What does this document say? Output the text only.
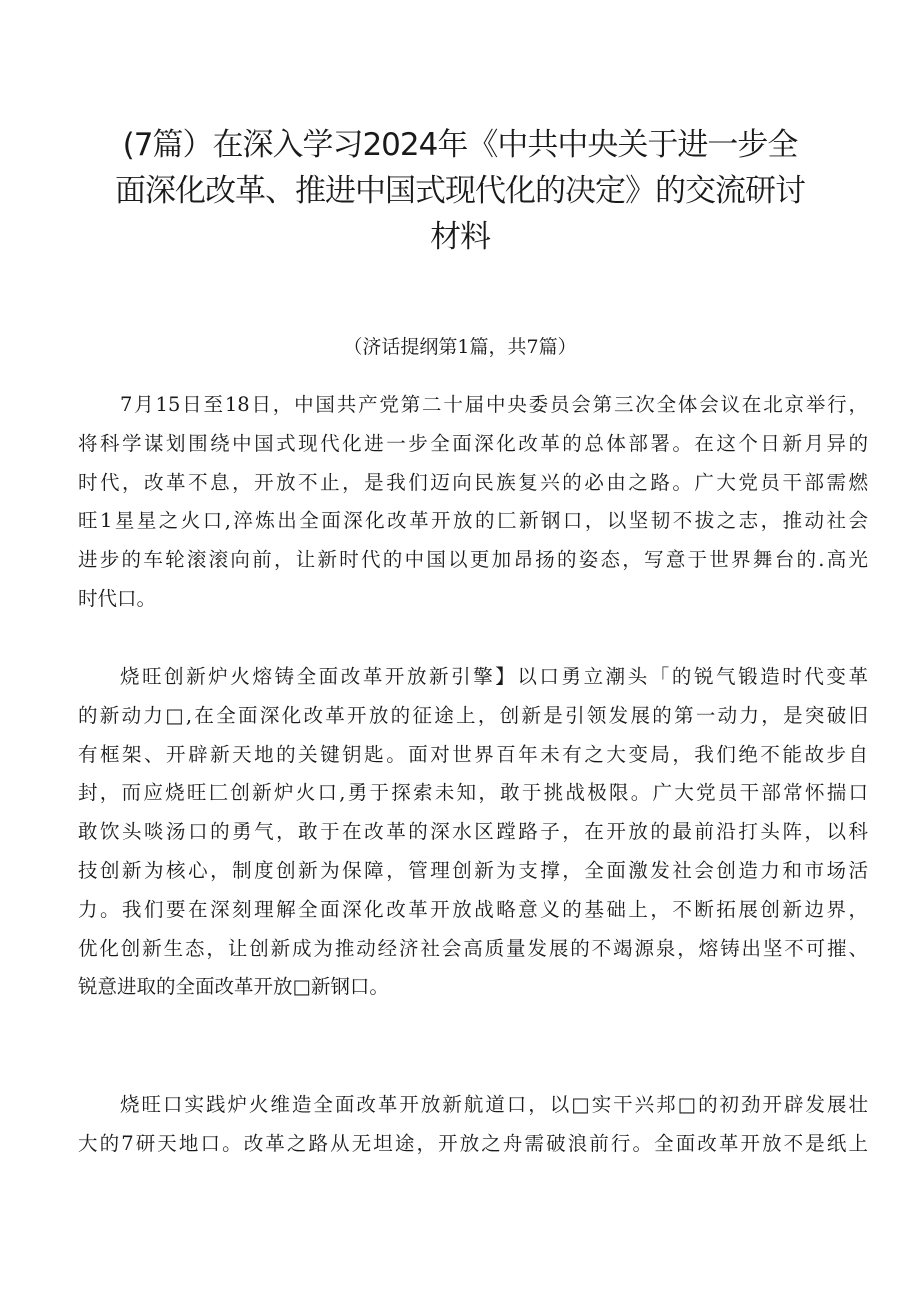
(7篇）在深入学习2024年《中共中央关于进一步全
面深化改革、推进中国式现代化的决定》的交流研讨
材料

（济话提纲第1篇，共7篇）

7月15日至18日，中国共产党第二十届中央委员会第三次全体会议在北京举行，
将科学谋划围绕中国式现代化进一步全面深化改革的总体部署。在这个日新月异的
时代，改革不息，开放不止，是我们迈向民族复兴的必由之路。广大党员干部需燃
旺1星星之火口,淬炼出全面深化改革开放的匚新钢口，以坚韧不拔之志，推动社会
进步的车轮滚滚向前，让新时代的中国以更加昂扬的姿态，写意于世界舞台的.高光
时代口。
烧旺创新炉火熔铸全面改革开放新引擎】以口勇立潮头「的锐气锻造时代变革
的新动力□,在全面深化改革开放的征途上，创新是引领发展的第一动力，是突破旧
有框架、开辟新天地的关键钥匙。面对世界百年未有之大变局，我们绝不能故步自
封，而应烧旺匚创新炉火口,勇于探索未知，敢于挑战极限。广大党员干部常怀揣口
敢饮头啖汤口的勇气，敢于在改革的深水区蹚路子，在开放的最前沿打头阵，以科
技创新为核心，制度创新为保障，管理创新为支撑，全面激发社会创造力和市场活
力。我们要在深刻理解全面深化改革开放战略意义的基础上，不断拓展创新边界，
优化创新生态，让创新成为推动经济社会高质量发展的不竭源泉，熔铸出坚不可摧、
锐意进取的全面改革开放□新钢口。
烧旺口实践炉火维造全面改革开放新航道口，以□实干兴邦□的初劲开辟发展壮
大的7研天地口。改革之路从无坦途，开放之舟需破浪前行。全面改革开放不是纸上
